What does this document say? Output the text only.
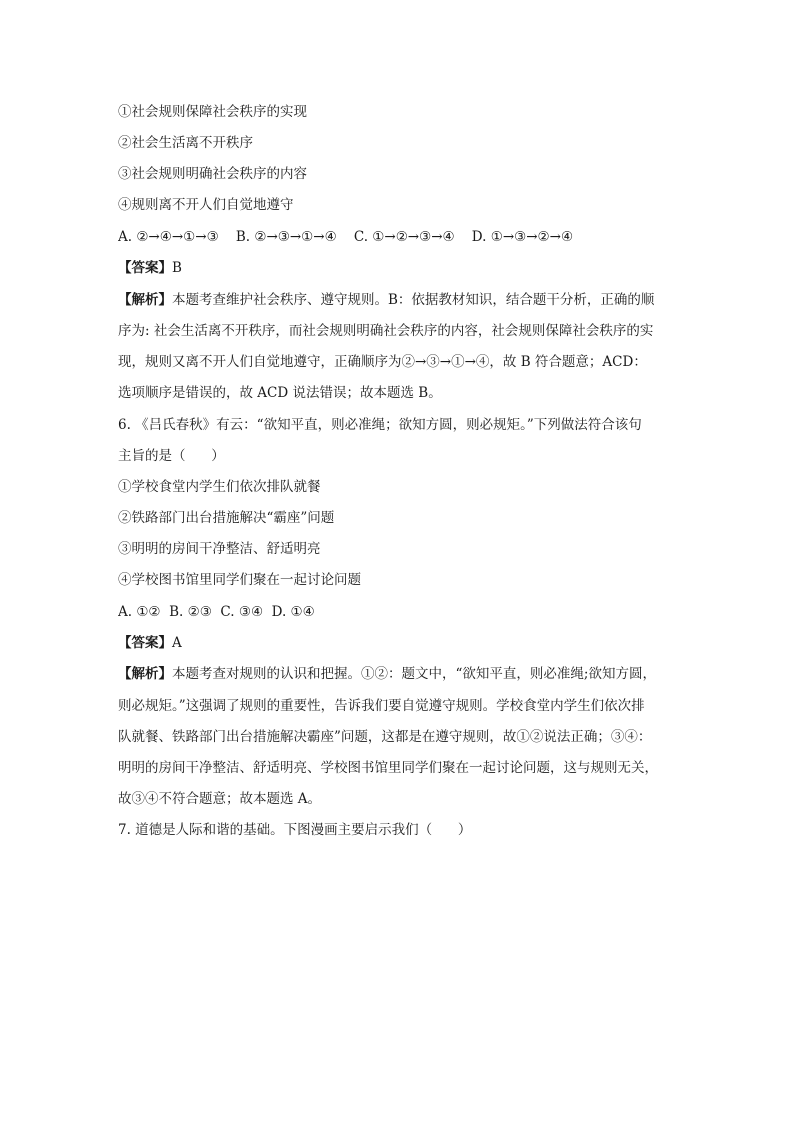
①社会规则保障社会秩序的实现
②社会生活离不开秩序
③社会规则明确社会秩序的内容
④规则离不开人们自觉地遵守
A. ②→④→①→③    B. ②→③→①→④    C. ①→②→③→④    D. ①→③→②→④
【答案】B
【解析】本题考查维护社会秩序、遵守规则。B：依据教材知识，结合题干分析，正确的顺
序为: 社会生活离不开秩序，而社会规则明确社会秩序的内容，社会规则保障社会秩序的实
现，规则又离不开人们自觉地遵守，正确顺序为②→③→①→④，故 B 符合题意；ACD：
选项顺序是错误的，故 ACD 说法错误；故本题选 B。
6. 《吕氏春秋》有云：“欲知平直，则必准绳；欲知方圆，则必规矩。”下列做法符合该句
主旨的是（      ）
①学校食堂内学生们依次排队就餐
②铁路部门出台措施解决“霸座”问题
③明明的房间干净整洁、舒适明亮
④学校图书馆里同学们聚在一起讨论问题
A. ①②  B. ②③  C. ③④  D. ①④
【答案】A
【解析】本题考查对规则的认识和把握。①②：题文中，“欲知平直，则必准绳;欲知方圆，
则必规矩。”这强调了规则的重要性，告诉我们要自觉遵守规则。学校食堂内学生们依次排
队就餐、铁路部门出台措施解决霸座”问题，这都是在遵守规则，故①②说法正确；③④：
明明的房间干净整洁、舒适明亮、学校图书馆里同学们聚在一起讨论问题，这与规则无关，
故③④不符合题意；故本题选 A。
7. 道德是人际和谐的基础。下图漫画主要启示我们（      ）
